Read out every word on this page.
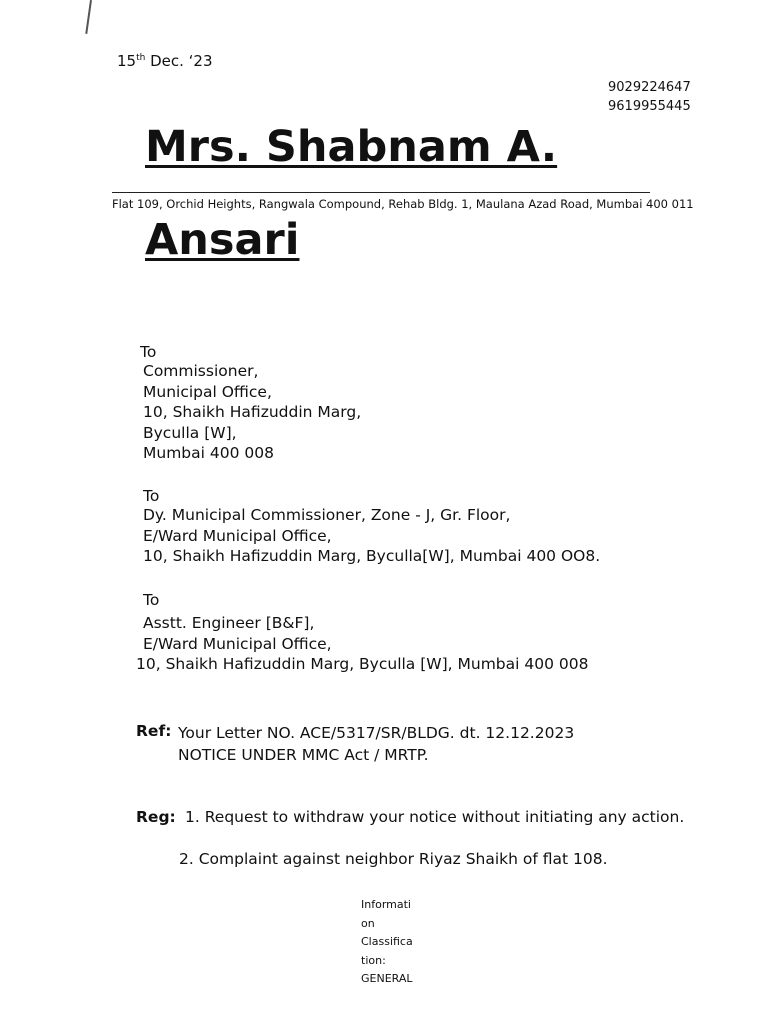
15th Dec. ‘23
9029224647
9619955445
Mrs. Shabnam A.
Flat 109, Orchid Heights, Rangwala Compound, Rehab Bldg. 1, Maulana Azad Road, Mumbai 400 011
Ansari
To
Commissioner,
Municipal Office,
10, Shaikh Hafizuddin Marg,
Byculla [W],
Mumbai 400 008
To
Dy. Municipal Commissioner, Zone - J, Gr. Floor,
E/Ward Municipal Office,
10, Shaikh Hafizuddin Marg, Byculla[W], Mumbai 400 OO8.
To
Asstt. Engineer [B&F],
E/Ward Municipal Office,
10, Shaikh Hafizuddin Marg, Byculla [W], Mumbai 400 008
Ref: Your Letter NO. ACE/5317/SR/BLDG. dt. 12.12.2023
NOTICE UNDER MMC Act / MRTP.
Reg: 1. Request to withdraw your notice without initiating any action.
2. Complaint against neighbor Riyaz Shaikh of flat 108.
Informati
on
Classifica
tion:
GENERAL
